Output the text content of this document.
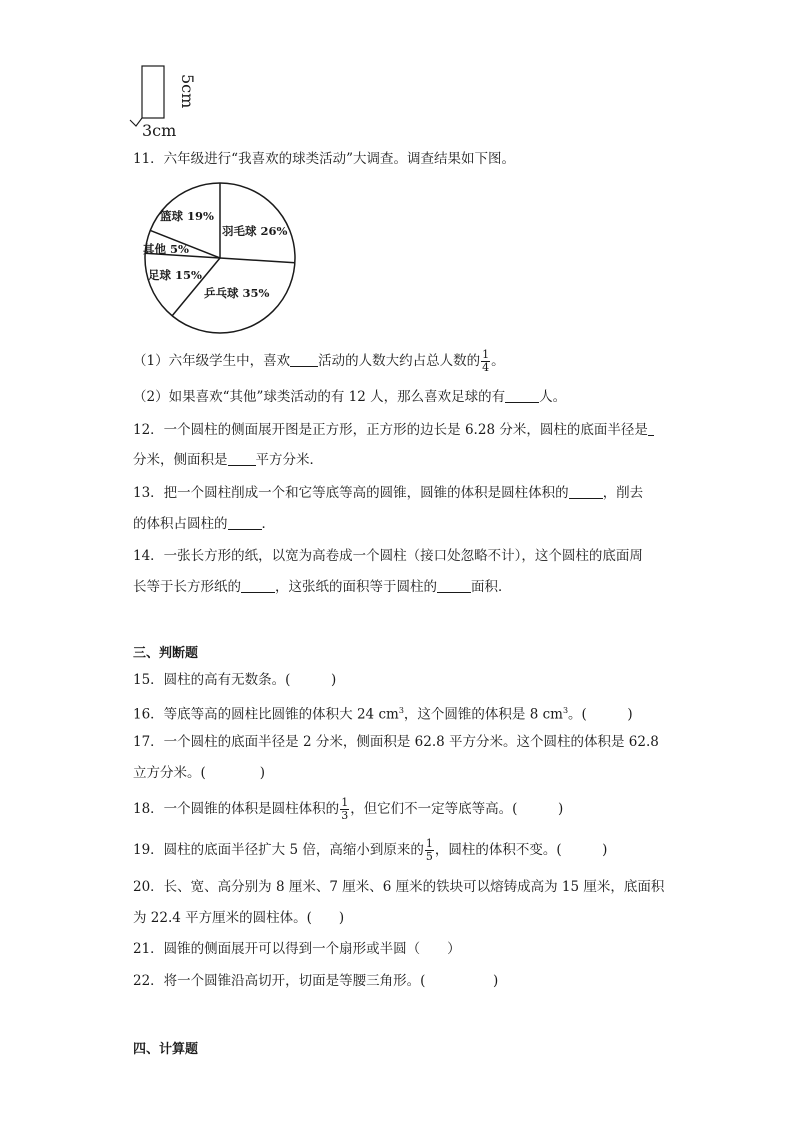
5cm
3cm
11．六年级进行“我喜欢的球类活动”大调查。调查结果如下图。
羽毛球 26%
乒乓球 35%
足球 15%
其他 5%
篮球 19%
（1）六年级学生中，喜欢 活动的人数大约占总人数的 $\frac{1}{4}$ 。
（2）如果喜欢“其他”球类活动的有 12 人，那么喜欢足球的有	人。
12．一个圆柱的侧面展开图是正方形，正方形的边长是 6.28 分米，圆柱的底面半径是
分米，侧面积是 平方分米．
13．把一个圆柱削成一个和它等底等高的圆锥，圆锥的体积是圆柱体积的	，削去
的体积占圆柱的	．
14．一张长方形的纸，以宽为高卷成一个圆柱（接口处忽略不计），这个圆柱的底面周
长等于长方形纸的	，这张纸的面积等于圆柱的	面积．
三、判断题
15．圆柱的高有无数条。(　　　)
16．等底等高的圆柱比圆锥的体积大 24 $cm^3$，这个圆锥的体积是 8 $cm^3$。(　　　)
17．一个圆柱的底面半径是 2 分米，侧面积是 62.8 平方分米。这个圆柱的体积是 62.8
立方分米。(　　　　)
18．一个圆锥的体积是圆柱体积的 $\frac{1}{3}$ ，但它们不一定等底等高。(　　　)
19．圆柱的底面半径扩大 5 倍，高缩小到原来的 $\frac{1}{5}$ ，圆柱的体积不变。(　　　)
20．长、宽、高分别为 8 厘米、7 厘米、6 厘米的铁块可以熔铸成高为 15 厘米，底面积
为 22.4 平方厘米的圆柱体。(　　)
21．圆锥的侧面展开可以得到一个扇形或半圆（　　）
22．将一个圆锥沿高切开，切面是等腰三角形。(　　　　　)
四、计算题
